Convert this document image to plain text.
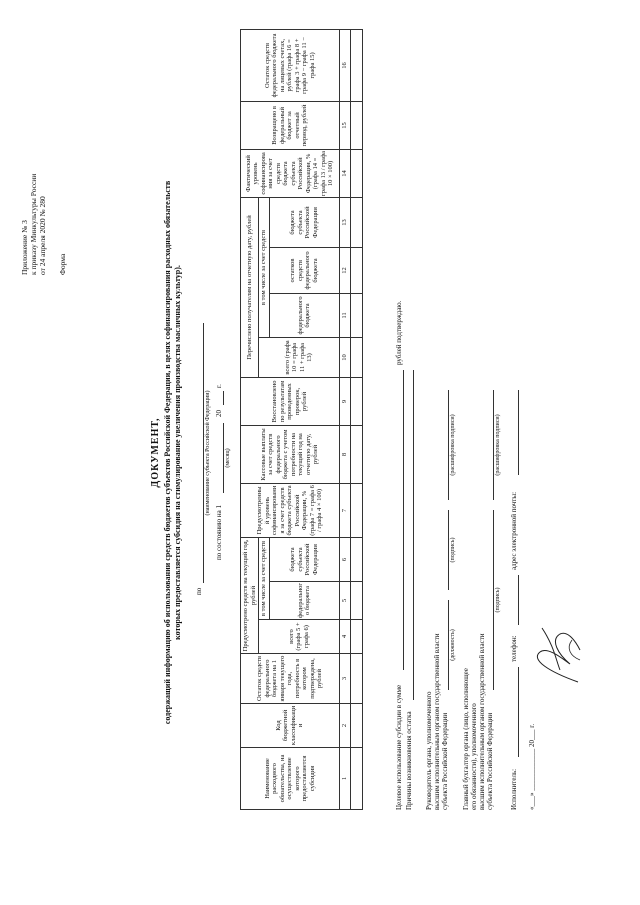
Приложение № 3 к приказу Минкультуры России от 24 апреля 2020 № 280 Форма
ДОКУМЕНТ, содержащий информацию об использовании средств бюджетов субъектов Российской Федерации, в целях софинансирования расходных обязательств которых предоставляется субсидия на стимулирование увеличения производства масличных культур). по
(наименование субъекта Российской Федерации)
по состоянию на 1
(месяц)
20
г.
Наименование расходного обязательства, на осуществление которого предоставляется субсидия	Код бюджетной классификации	Остаток средств федерального бюджета на 1 января текущего года, потребность в котором подтверждена, рублей	Предусмотрено средств на текущий год, рублей			Предусмотренный уровень софинансирования за счет средств бюджета субъекта Российской Федерации, % (графа 7 = графа 6 / графа 4 × 100)	Кассовые выплаты за счет средств федерального бюджета с учетом потребности на текущий год на отчетную дату, рублей	Восстановлено по результатам проведенных проверок, рублей	Перечислено получателям на отчетную дату, рублей				Фактический уровень софинансирования за счет средств бюджета субъекта Российской Федерации, % (графа 14 = графа 13 / графа 10 × 100)	Возвращено в федеральный бюджет за отчетный период, рублей	Остаток средств федерального бюджета на лицевых счетах, рублей (графа 16 = графа 3 + графа 8 + графа 9 − графа 11 − графа 15)
			всего (графа 5 + графа 6)	в том числе за счет средств					всего (графа 10 = графа 11 + графа 13)	в том числе за счет средств					
				федерального бюджета	бюджета субъекта Российской Федерации					федерального бюджета	остатков средств федерального бюджета	бюджета субъекта Российской Федерации			
1	2	3	4	5	6	7	8	9	10	11	12	13	14	15	16

Целевое использование субсидии в сумме
рублей подтверждаю.
Причины возникновения остатка Руководитель органа, уполномоченного высшим исполнительным органом государственной власти субъекта Российской Федерации
(должность)
(подпись)
(расшифровка подписи)
Главный бухгалтер органа (лицо, исполняющее его обязанности), уполномоченного высшим исполнительным органом государственной власти субъекта Российской Федерации
(подпись)
(расшифровка подписи)
Исполнитель:
телефон:
адрес электронной почты:
«___» ____________ 20___ г.
